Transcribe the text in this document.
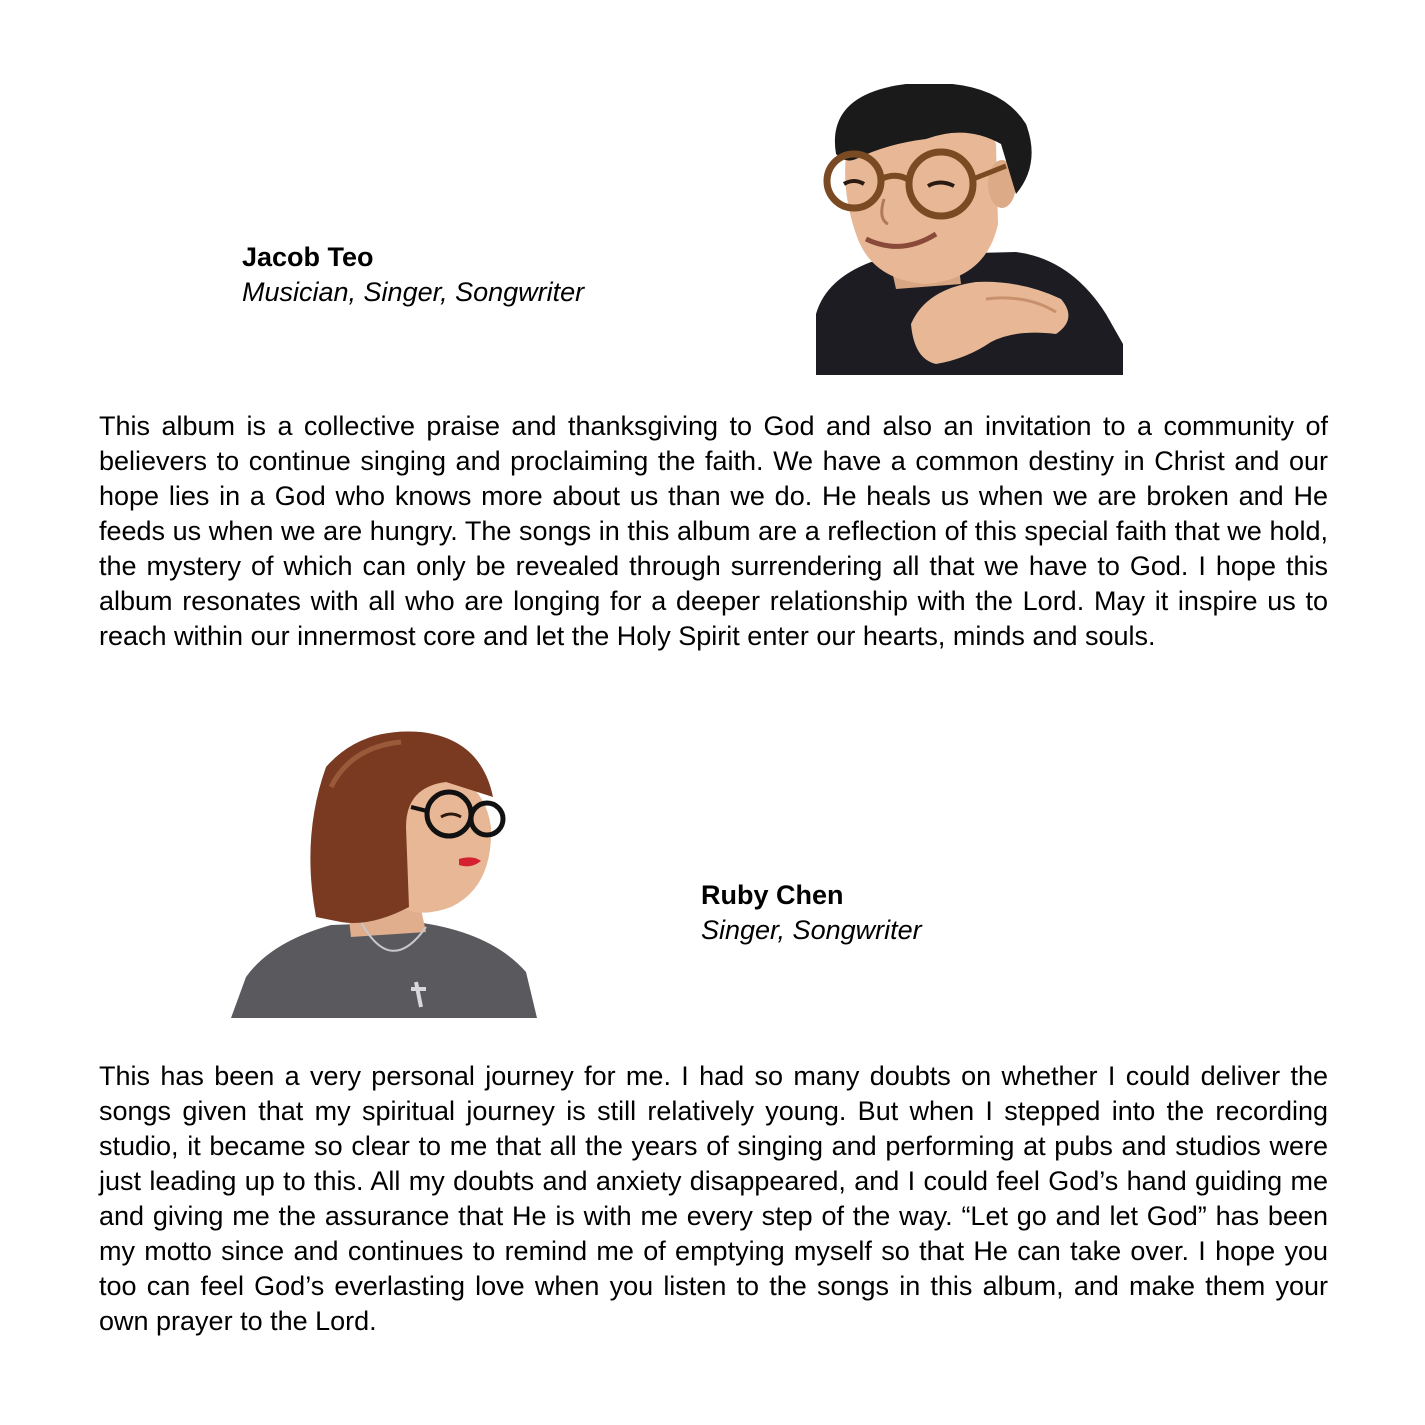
Jacob Teo
Musician, Singer, Songwriter

This album is a collective praise and thanksgiving to God and also an invitation to a community of believers to continue singing and proclaiming the faith. We have a common destiny in Christ and our hope lies in a God who knows more about us than we do. He heals us when we are broken and He feeds us when we are hungry. The songs in this album are a reflection of this special faith that we hold, the mystery of which can only be revealed through surrendering all that we have to God. I hope this album resonates with all who are longing for a deeper relationship with the Lord. May it inspire us to reach within our innermost core and let the Holy Spirit enter our hearts, minds and souls.

Ruby Chen
Singer, Songwriter

This has been a very personal journey for me. I had so many doubts on whether I could deliver the songs given that my spiritual journey is still relatively young. But when I stepped into the recording studio, it became so clear to me that all the years of singing and performing at pubs and studios were just leading up to this. All my doubts and anxiety disappeared, and I could feel God’s hand guiding me and giving me the assurance that He is with me every step of the way. “Let go and let God” has been my motto since and continues to remind me of emptying myself so that He can take over. I hope you too can feel God’s everlasting love when you listen to the songs in this album, and make them your own prayer to the Lord.
